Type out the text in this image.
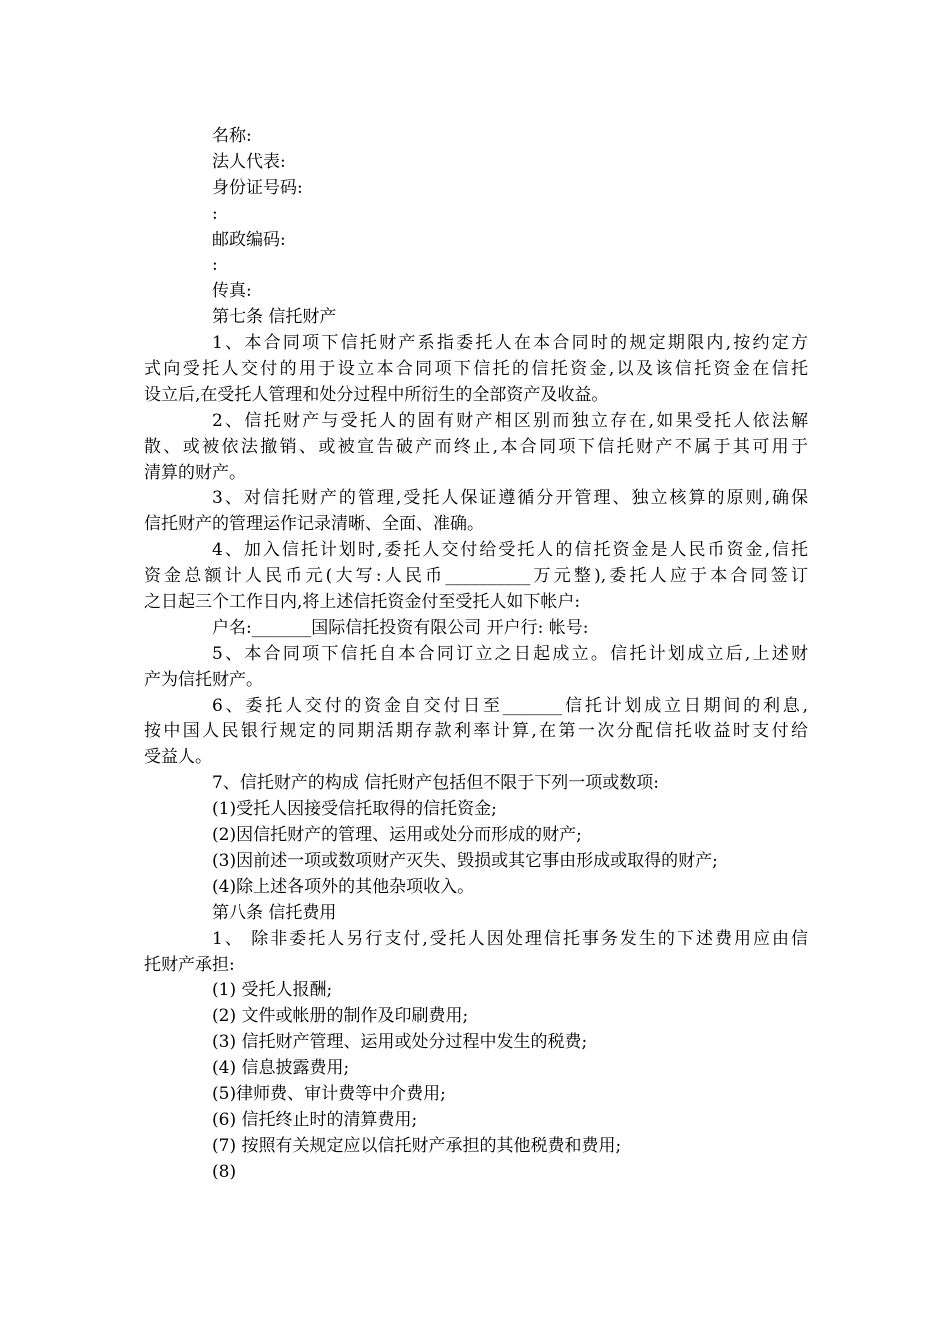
名称:
法人代表:
身份证号码:
:
邮政编码:
:
传真:
第七条 信托财产
1、本合同项下信托财产系指委托人在本合同时的规定期限内,按约定方
式向受托人交付的用于设立本合同项下信托的信托资金,以及该信托资金在信托
设立后,在受托人管理和处分过程中所衍生的全部资产及收益。
2、信托财产与受托人的固有财产相区别而独立存在,如果受托人依法解
散、或被依法撤销、或被宣告破产而终止,本合同项下信托财产不属于其可用于
清算的财产。
3、对信托财产的管理,受托人保证遵循分开管理、独立核算的原则,确保
信托财产的管理运作记录清晰、全面、准确。
4、加入信托计划时,委托人交付给受托人的信托资金是人民币资金,信托
资金总额计人民币元(大写:人民币__________万元整),委托人应于本合同签订
之日起三个工作日内,将上述信托资金付至受托人如下帐户:
户名:_______国际信托投资有限公司 开户行: 帐号:
5、本合同项下信托自本合同订立之日起成立。信托计划成立后,上述财
产为信托财产。
6、委托人交付的资金自交付日至_______信托计划成立日期间的利息,
按中国人民银行规定的同期活期存款利率计算,在第一次分配信托收益时支付给
受益人。
7、信托财产的构成 信托财产包括但不限于下列一项或数项:
(1)受托人因接受信托取得的信托资金;
(2)因信托财产的管理、运用或处分而形成的财产;
(3)因前述一项或数项财产灭失、毁损或其它事由形成或取得的财产;
(4)除上述各项外的其他杂项收入。
第八条 信托费用
1、 除非委托人另行支付,受托人因处理信托事务发生的下述费用应由信
托财产承担:
(1) 受托人报酬;
(2) 文件或帐册的制作及印刷费用;
(3) 信托财产管理、运用或处分过程中发生的税费;
(4) 信息披露费用;
(5)律师费、审计费等中介费用;
(6) 信托终止时的清算费用;
(7) 按照有关规定应以信托财产承担的其他税费和费用;
(8)
